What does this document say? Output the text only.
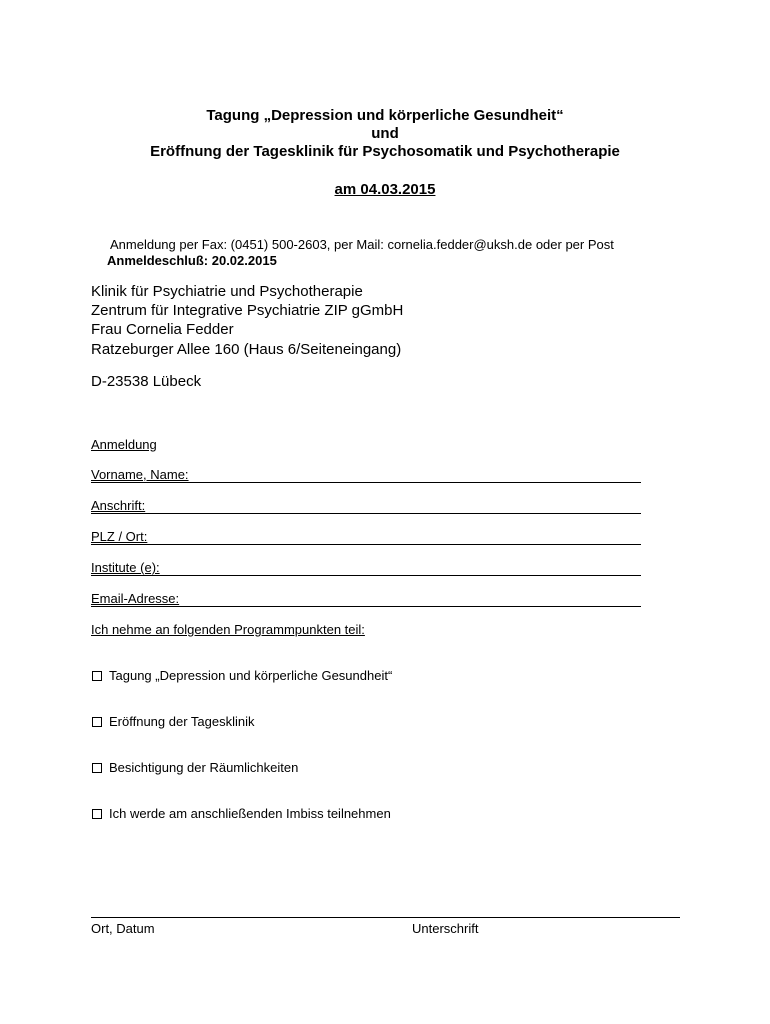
Tagung „Depression und körperliche Gesundheit“
und
Eröffnung der Tagesklinik für Psychosomatik und Psychotherapie
am 04.03.2015
Anmeldung per Fax: (0451) 500-2603, per Mail: cornelia.fedder@uksh.de oder per Post
Anmeldeschluß: 20.02.2015
Klinik für Psychiatrie und Psychotherapie
Zentrum für Integrative Psychiatrie ZIP gGmbH
Frau Cornelia Fedder
Ratzeburger Allee 160 (Haus 6/Seiteneingang)
D-23538 Lübeck
Anmeldung
Vorname, Name:
Anschrift:
PLZ / Ort:
Institute (e):
Email-Adresse:
Ich nehme an folgenden Programmpunkten teil:
Tagung „Depression und körperliche Gesundheit“
Eröffnung der Tagesklinik
Besichtigung der Räumlichkeiten
Ich werde am anschließenden Imbiss teilnehmen
Ort, Datum	Unterschrift
